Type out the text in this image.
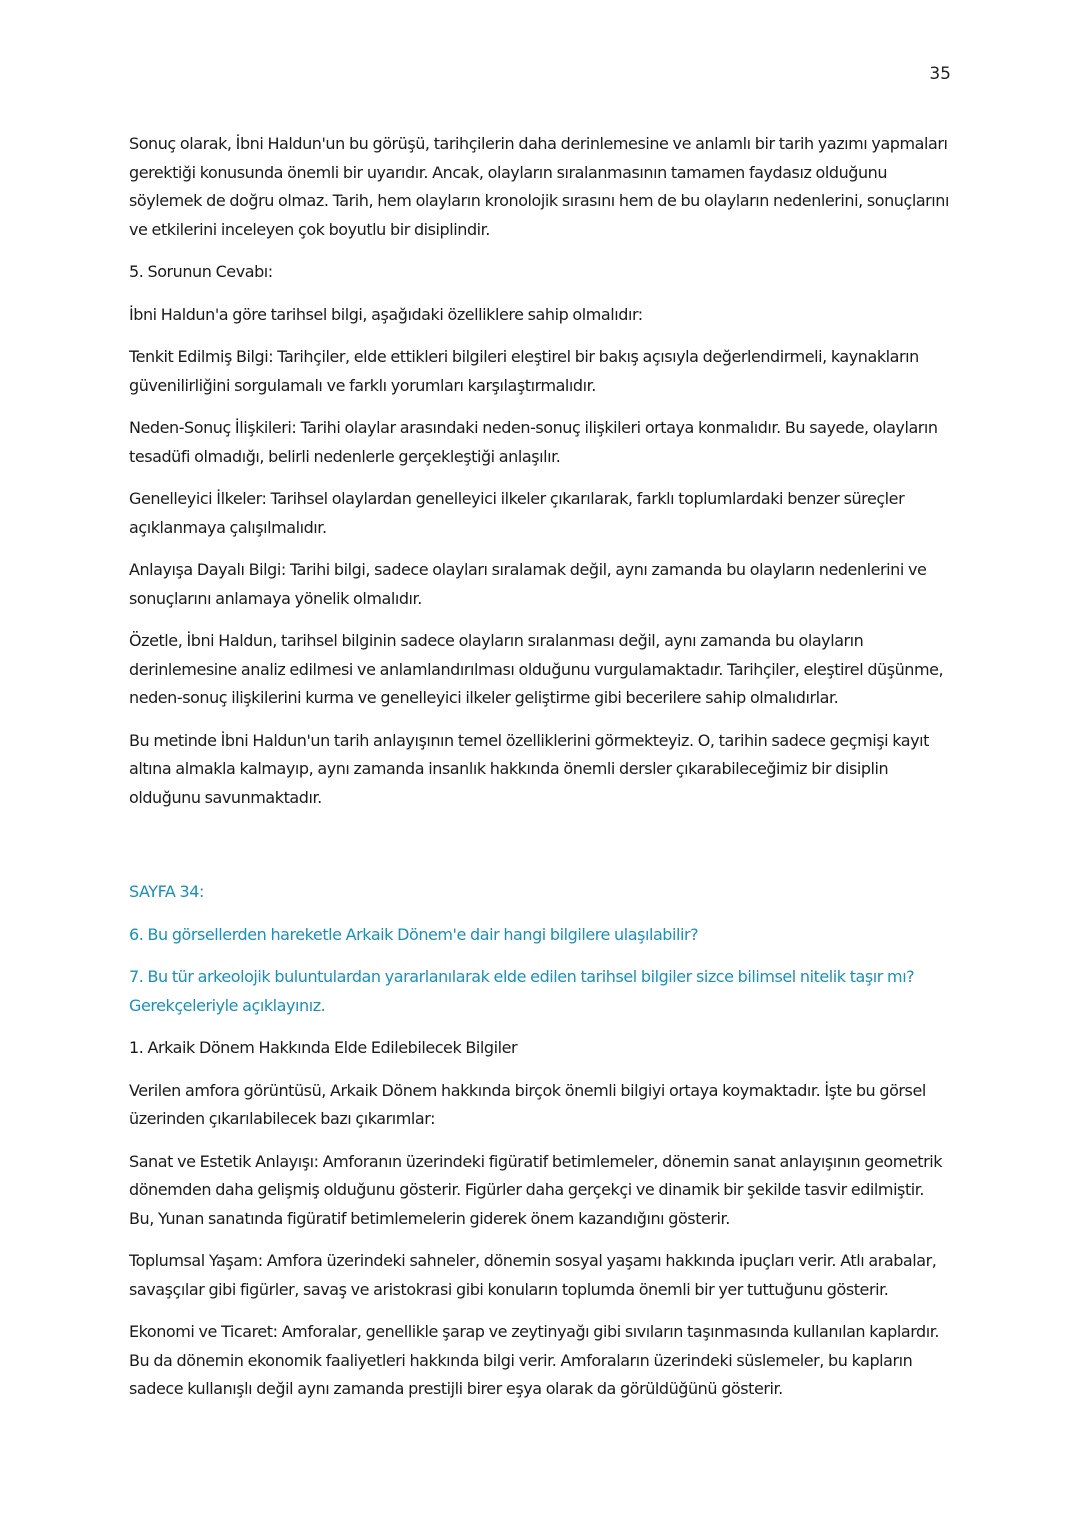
35

Sonuç olarak, İbni Haldun'un bu görüşü, tarihçilerin daha derinlemesine ve anlamlı bir tarih yazımı yapmaları gerektiği konusunda önemli bir uyarıdır. Ancak, olayların sıralanmasının tamamen faydasız olduğunu söylemek de doğru olmaz. Tarih, hem olayların kronolojik sırasını hem de bu olayların nedenlerini, sonuçlarını ve etkilerini inceleyen çok boyutlu bir disiplindir.

5. Sorunun Cevabı:

İbni Haldun'a göre tarihsel bilgi, aşağıdaki özelliklere sahip olmalıdır:

Tenkit Edilmiş Bilgi: Tarihçiler, elde ettikleri bilgileri eleştirel bir bakış açısıyla değerlendirmeli, kaynakların güvenilirliğini sorgulamalı ve farklı yorumları karşılaştırmalıdır.

Neden-Sonuç İlişkileri: Tarihi olaylar arasındaki neden-sonuç ilişkileri ortaya konmalıdır. Bu sayede, olayların tesadüfi olmadığı, belirli nedenlerle gerçekleştiği anlaşılır.

Genelleyici İlkeler: Tarihsel olaylardan genelleyici ilkeler çıkarılarak, farklı toplumlardaki benzer süreçler açıklanmaya çalışılmalıdır.

Anlayışa Dayalı Bilgi: Tarihi bilgi, sadece olayları sıralamak değil, aynı zamanda bu olayların nedenlerini ve sonuçlarını anlamaya yönelik olmalıdır.

Özetle, İbni Haldun, tarihsel bilginin sadece olayların sıralanması değil, aynı zamanda bu olayların derinlemesine analiz edilmesi ve anlamlandırılması olduğunu vurgulamaktadır. Tarihçiler, eleştirel düşünme, neden-sonuç ilişkilerini kurma ve genelleyici ilkeler geliştirme gibi becerilere sahip olmalıdırlar.

Bu metinde İbni Haldun'un tarih anlayışının temel özelliklerini görmekteyiz. O, tarihin sadece geçmişi kayıt altına almakla kalmayıp, aynı zamanda insanlık hakkında önemli dersler çıkarabileceğimiz bir disiplin olduğunu savunmaktadır.

SAYFA 34:

6. Bu görsellerden hareketle Arkaik Dönem'e dair hangi bilgilere ulaşılabilir?

7. Bu tür arkeolojik buluntulardan yararlanılarak elde edilen tarihsel bilgiler sizce bilimsel nitelik taşır mı? Gerekçeleriyle açıklayınız.

1. Arkaik Dönem Hakkında Elde Edilebilecek Bilgiler

Verilen amfora görüntüsü, Arkaik Dönem hakkında birçok önemli bilgiyi ortaya koymaktadır. İşte bu görsel üzerinden çıkarılabilecek bazı çıkarımlar:

Sanat ve Estetik Anlayışı: Amforanın üzerindeki figüratif betimlemeler, dönemin sanat anlayışının geometrik dönemden daha gelişmiş olduğunu gösterir. Figürler daha gerçekçi ve dinamik bir şekilde tasvir edilmiştir. Bu, Yunan sanatında figüratif betimlemelerin giderek önem kazandığını gösterir.

Toplumsal Yaşam: Amfora üzerindeki sahneler, dönemin sosyal yaşamı hakkında ipuçları verir. Atlı arabalar, savaşçılar gibi figürler, savaş ve aristokrasi gibi konuların toplumda önemli bir yer tuttuğunu gösterir.

Ekonomi ve Ticaret: Amforalar, genellikle şarap ve zeytinyağı gibi sıvıların taşınmasında kullanılan kaplardır. Bu da dönemin ekonomik faaliyetleri hakkında bilgi verir. Amforaların üzerindeki süslemeler, bu kapların sadece kullanışlı değil aynı zamanda prestijli birer eşya olarak da görüldüğünü gösterir.
